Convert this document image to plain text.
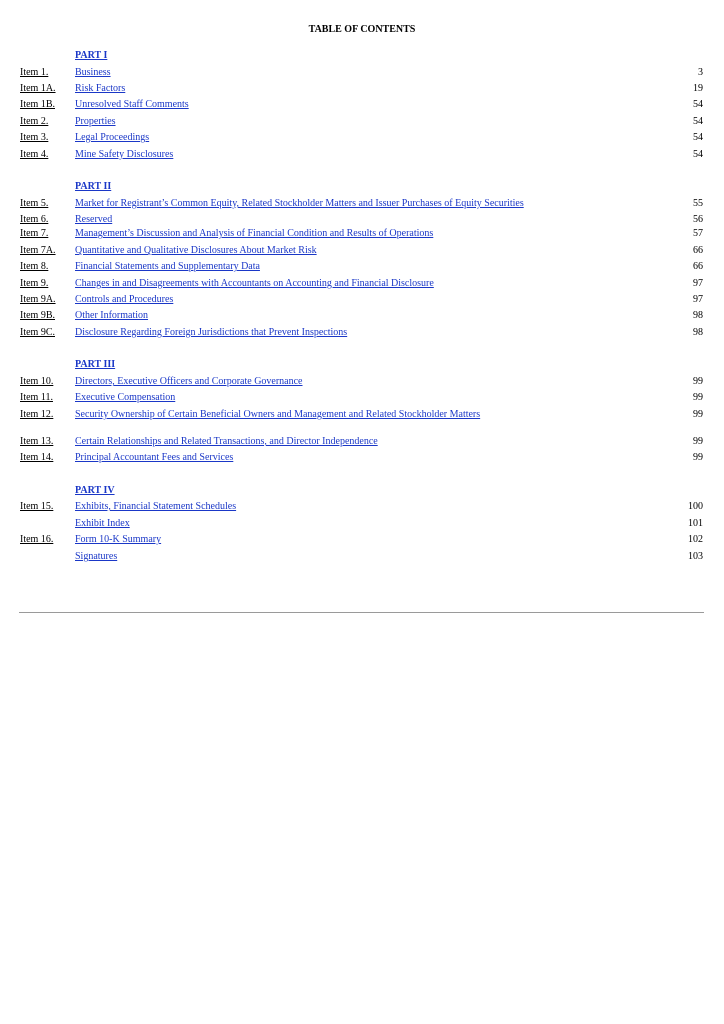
TABLE OF CONTENTS
PART I
Item 1.	Business	3
Item 1A. Risk Factors	19
Item 1B. Unresolved Staff Comments	54
Item 2.	Properties	54
Item 3.	Legal Proceedings	54
Item 4.	Mine Safety Disclosures	54
PART II
Item 5.	Market for Registrant’s Common Equity, Related Stockholder Matters and Issuer Purchases of Equity Securities	55
Item 6.	Reserved	56
Item 7.	Management’s Discussion and Analysis of Financial Condition and Results of Operations	57
Item 7A. Quantitative and Qualitative Disclosures About Market Risk	66
Item 8.	Financial Statements and Supplementary Data	66
Item 9.	Changes in and Disagreements with Accountants on Accounting and Financial Disclosure	97
Item 9A. Controls and Procedures	97
Item 9B. Other Information	98
Item 9C. Disclosure Regarding Foreign Jurisdictions that Prevent Inspections	98
PART III
Item 10. Directors, Executive Officers and Corporate Governance	99
Item 11. Executive Compensation	99
Item 12. Security Ownership of Certain Beneficial Owners and Management and Related Stockholder Matters	99
Item 13. Certain Relationships and Related Transactions, and Director Independence	99
Item 14. Principal Accountant Fees and Services	99
PART IV
Item 15. Exhibits, Financial Statement Schedules	100
Exhibit Index	101
Item 16. Form 10-K Summary	102
Signatures	103
